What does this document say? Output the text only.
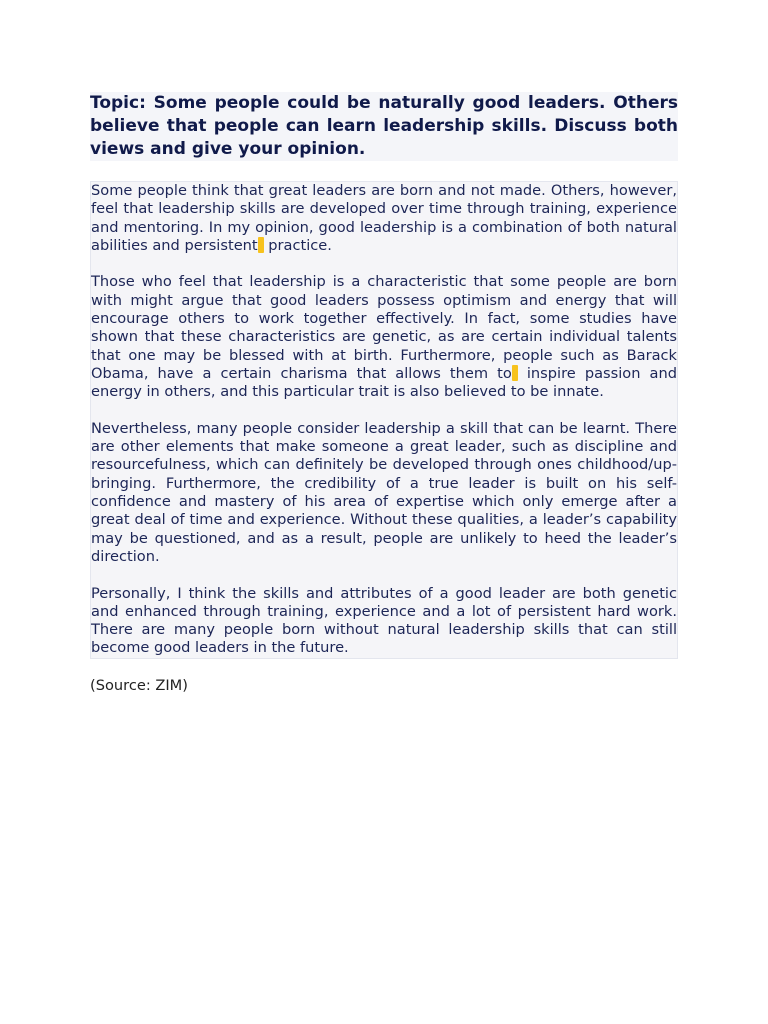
Topic: Some people could be naturally good leaders. Others believe that people can learn leadership skills. Discuss both views and give your opinion.

Some people think that great leaders are born and not made. Others, however, feel that leadership skills are developed over time through training, experience and mentoring. In my opinion, good leadership is a combination of both natural abilities and persistent practice.

Those who feel that leadership is a characteristic that some people are born with might argue that good leaders possess optimism and energy that will encourage others to work together effectively. In fact, some studies have shown that these characteristics are genetic, as are certain individual talents that one may be blessed with at birth. Furthermore, people such as Barack Obama, have a certain charisma that allows them to inspire passion and energy in others, and this particular trait is also believed to be innate.

Nevertheless, many people consider leadership a skill that can be learnt. There are other elements that make someone a great leader, such as discipline and resourcefulness, which can definitely be developed through ones childhood/up-bringing. Furthermore, the credibility of a true leader is built on his self-confidence and mastery of his area of expertise which only emerge after a great deal of time and experience. Without these qualities, a leader’s capability may be questioned, and as a result, people are unlikely to heed the leader’s direction.

Personally, I think the skills and attributes of a good leader are both genetic and enhanced through training, experience and a lot of persistent hard work. There are many people born without natural leadership skills that can still become good leaders in the future.

(Source: ZIM)
